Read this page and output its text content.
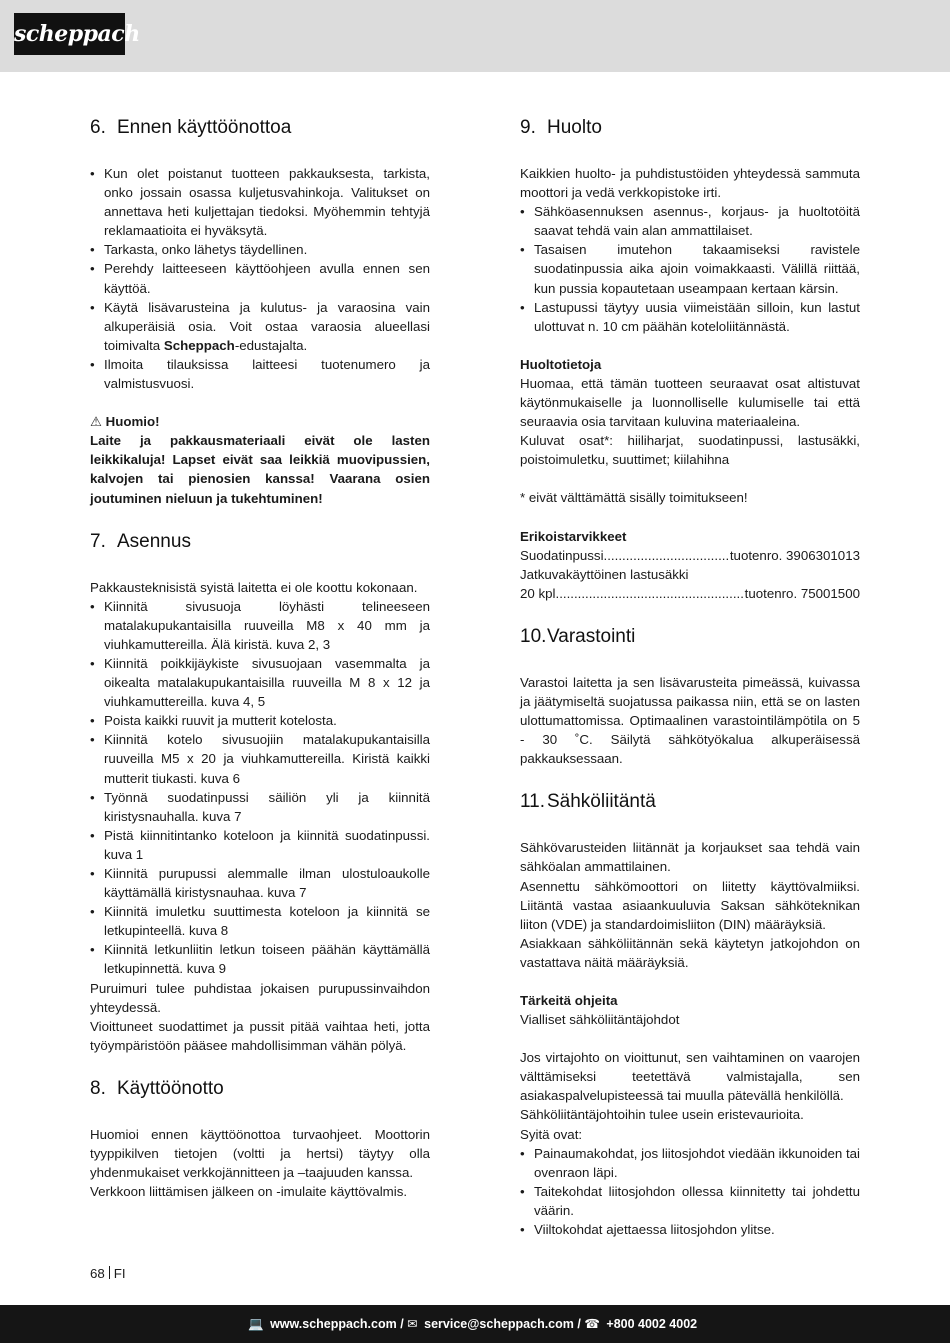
scheppach
6. Ennen käyttöönottoa
• Kun olet poistanut tuotteen pakkauksesta, tarkista, onko jossain osassa kuljetusvahinkoja. Valitukset on annettava heti kuljettajan tiedoksi. Myöhemmin tehtyjä reklamaatioita ei hyväksytä.
• Tarkasta, onko lähetys täydellinen.
• Perehdy laitteeseen käyttöohjeen avulla ennen sen käyttöä.
• Käytä lisävarusteina ja kulutus- ja varaosina vain alkuperäisiä osia. Voit ostaa varaosia alueellasi toimivalta Scheppach-edustajalta.
• Ilmoita tilauksissa laitteesi tuotenumero ja valmistusvuosi.

⚠ Huomio!

Laite ja pakkausmateriaali eivät ole lasten leikkikaluja! Lapset eivät saa leikkiä muovipussien, kalvojen tai pienosien kanssa! Vaarana osien joutuminen nieluun ja tukehtuminen!

7. Asennus

Pakkausteknisistä syistä laitetta ei ole koottu kokonaan.

• Kiinnitä sivusuoja löyhästi telineeseen matalakupukantaisilla ruuveilla M8 x 40 mm ja viuhkamuttereilla. Älä kiristä. kuva 2, 3
• Kiinnitä poikkijäykiste sivusuojaan vasemmalta ja oikealta matalakupukantaisilla ruuveilla M 8 x 12 ja viuhkamuttereilla. kuva 4, 5
• Poista kaikki ruuvit ja mutterit kotelosta.
• Kiinnitä kotelo sivusuojiin matalakupukantaisilla ruuveilla M5 x 20 ja viuhkamuttereilla. Kiristä kaikki mutterit tiukasti. kuva 6
• Työnnä suodatinpussi säiliön yli ja kiinnitä kiristysnauhalla. kuva 7
• Pistä kiinnitintanko koteloon ja kiinnitä suodatinpussi. kuva 1
• Kiinnitä purupussi alemmalle ilman ulostuloaukolle käyttämällä kiristysnauhaa. kuva 7
• Kiinnitä imuletku suuttimesta koteloon ja kiinnitä se letkupinteellä. kuva 8
• Kiinnitä letkunliitin letkun toiseen päähän käyttämällä letkupinnettä. kuva 9

Puruimuri tulee puhdistaa jokaisen purupussinvaihdon yhteydessä.

Vioittuneet suodattimet ja pussit pitää vaihtaa heti, jotta työympäristöön pääsee mahdollisimman vähän pölyä.

8. Käyttöönotto

Huomioi ennen käyttöönottoa turvaohjeet. Moottorin tyyppikilven tietojen (voltti ja hertsi) täytyy olla yhdenmukaiset verkkojännitteen ja –taajuuden kanssa.

Verkkoon liittämisen jälkeen on -imulaite käyttövalmis.

9. Huolto

Kaikkien huolto- ja puhdistustöiden yhteydessä sammuta moottori ja vedä verkkopistoke irti.

• Sähköasennuksen asennus-, korjaus- ja huoltotöitä saavat tehdä vain alan ammattilaiset.
• Tasaisen imutehon takaamiseksi ravistele suodatinpussia aika ajoin voimakkaasti. Välillä riittää, kun pussia kopautetaan useampaan kertaan kärsin.
• Lastupussi täytyy uusia viimeistään silloin, kun lastut ulottuvat n. 10 cm päähän koteloliitännästä.

Huoltotietoja

Huomaa, että tämän tuotteen seuraavat osat altistuvat käytönmukaiselle ja luonnolliselle kulumiselle tai että seuraavia osia tarvitaan kuluvina materiaaleina.

Kuluvat osat*: hiiliharjat, suodatinpussi, lastusäkki, poistoimuletku, suuttimet; kiilahihna

* eivät välttämättä sisälly toimitukseen!

Erikoistarvikkeet

Suodatinpussi .....	tuotenro. 3906301013

Jatkuvakäyttöinen lastusäkki

20 kpl. .....	tuotenro. 75001500
10.Varastointi

Varastoi laitetta ja sen lisävarusteita pimeässä, kuivassa ja jäätymiseltä suojatussa paikassa niin, että se on lasten ulottumattomissa. Optimaalinen varastointilämpötila on 5 - 30 ˚C. Säilytä sähkötyökalua alkuperäisessä pakkauksessaan.

11. Sähköliitäntä

Sähkövarusteiden liitännät ja korjaukset saa tehdä vain sähköalan ammattilainen.

Asennettu sähkömoottori on liitetty käyttövalmiiksi. Liitäntä vastaa asiaankuuluvia Saksan sähköteknikan liiton (VDE) ja standardoimisliiton (DIN) määräyksiä.

Asiakkaan sähköliitännän sekä käytetyn jatkojohdon on vastattava näitä määräyksiä.

Tärkeitä ohjeita

Vialliset sähköliitäntäjohdot

Jos virtajohto on vioittunut, sen vaihtaminen on vaarojen välttämiseksi teetettävä valmistajalla, sen asiakaspalvelupisteessä tai muulla pätevällä henkilöllä.

Sähköliitäntäjohtoihin tulee usein eristevaurioita.

Syitä ovat:

• Painaumakohdat, jos liitosjohdot viedään ikkunoiden tai ovenraon läpi.
• Taitekohdat liitosjohdon ollessa kiinnitetty tai johdettu väärin.
• Viiltokohdat ajettaessa liitosjohdon ylitse.
68 FI
💻 www.scheppach.com / ✉ service@scheppach.com / ☎ +800 4002 4002
